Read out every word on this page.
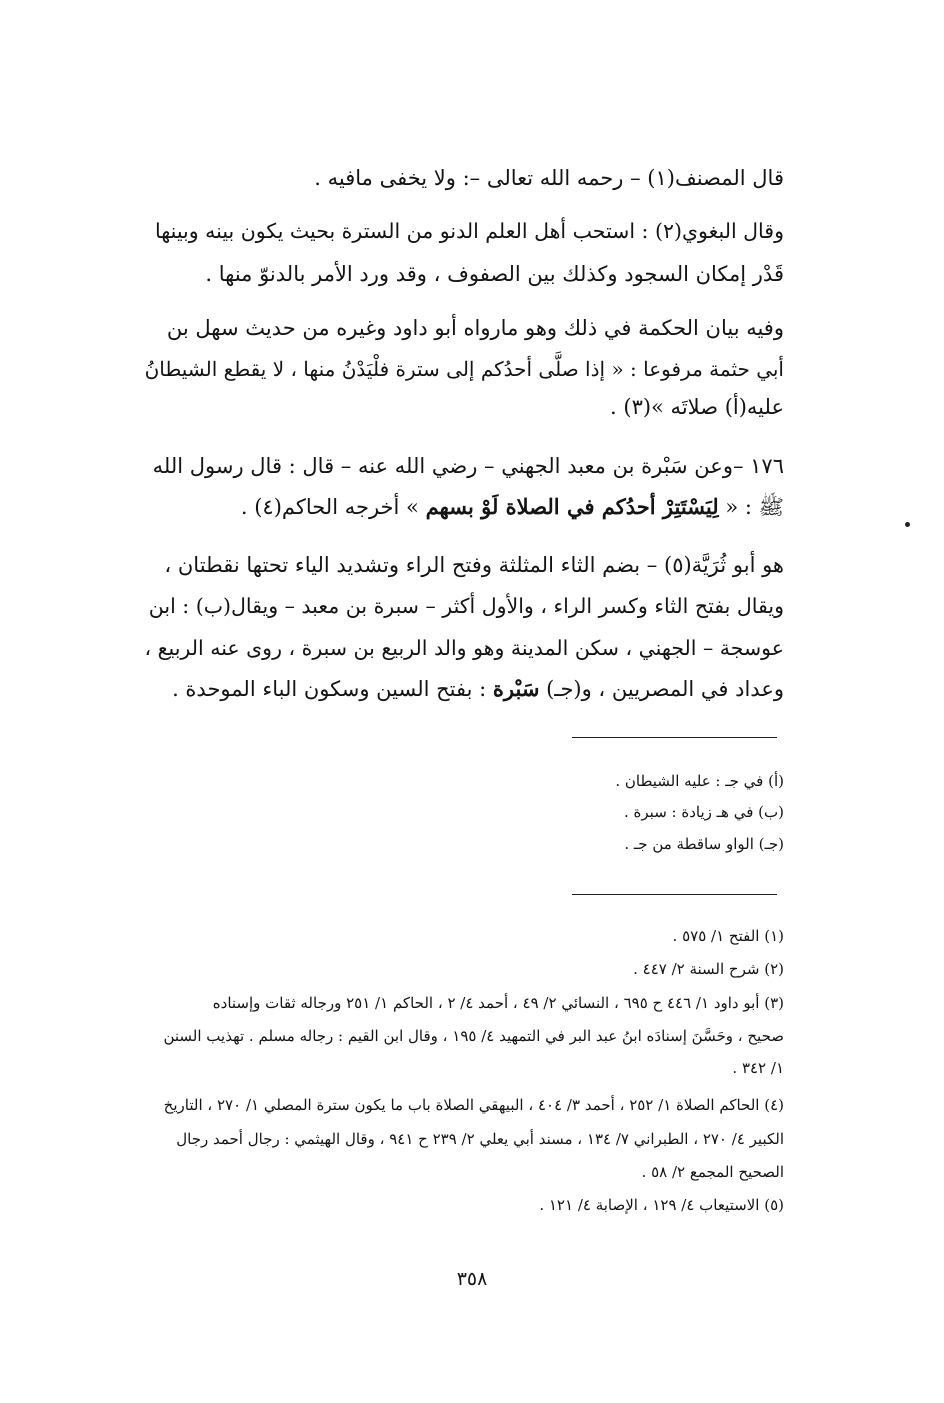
قال المصنف(١) – رحمه الله تعالى –: ولا يخفى مافيه .
وقال البغوي(٢) : استحب أهل العلم الدنو من السترة بحيث يكون بينه وبينها
قَدْر إمكان السجود وكذلك بين الصفوف ، وقد ورد الأمر بالدنوّ منها .
وفيه بيان الحكمة في ذلك وهو مارواه أبو داود وغيره من حديث سهل بن
أبي حثمة مرفوعا : « إذا صلَّى أحدُكم إلى سترة فلْيَدْنُ منها ، لا يقطع الشيطانُ
عليه(أ) صلاتَه »(٣) .
١٧٦ –وعن سَبْرة بن معبد الجهني – رضي الله عنه – قال : قال رسول الله
ﷺ : « لِيَسْتَتِرْ أحدُكم في الصلاة لَوْ بسهم » أخرجه الحاكم(٤) .
هو أبو ثُرَيَّة(٥) – بضم الثاء المثلثة وفتح الراء وتشديد الياء تحتها نقطتان ،
ويقال بفتح الثاء وكسر الراء ، والأول أكثر – سبرة بن معبد – ويقال(ب) : ابن
عوسجة – الجهني ، سكن المدينة وهو والد الربيع بن سبرة ، روى عنه الربيع ،
وعداد في المصريين ، و(جـ) سَبْرة : بفتح السين وسكون الباء الموحدة .
(أ) في جـ : عليه الشيطان .
(ب) في هـ زيادة : سبرة .
(جـ) الواو ساقطة من جـ .
(١) الفتح ١/ ٥٧٥ .
(٢) شرح السنة ٢/ ٤٤٧ .
(٣) أبو داود ١/ ٤٤٦ ح ٦٩٥ ، النسائي ٢/ ٤٩ ، أحمد ٤/ ٢ ، الحاكم ١/ ٢٥١ ورجاله ثقات وإسناده
صحيح ، وحَسَّنَ إسنادَه ابنُ عبد البر في التمهيد ٤/ ١٩٥ ، وقال ابن القيم : رجاله مسلم . تهذيب السنن
١/ ٣٤٢ .
(٤) الحاكم الصلاة ١/ ٢٥٢ ، أحمد ٣/ ٤٠٤ ، البيهقي الصلاة باب ما يكون سترة المصلي ١/ ٢٧٠ ، التاريخ
الكبير ٤/ ٢٧٠ ، الطبراني ٧/ ١٣٤ ، مسند أبي يعلي ٢/ ٢٣٩ ح ٩٤١ ، وقال الهيثمي : رجال أحمد رجال
الصحيح المجمع ٢/ ٥٨ .
(٥) الاستيعاب ٤/ ١٢٩ ، الإصابة ٤/ ١٢١ .
٣٥٨
